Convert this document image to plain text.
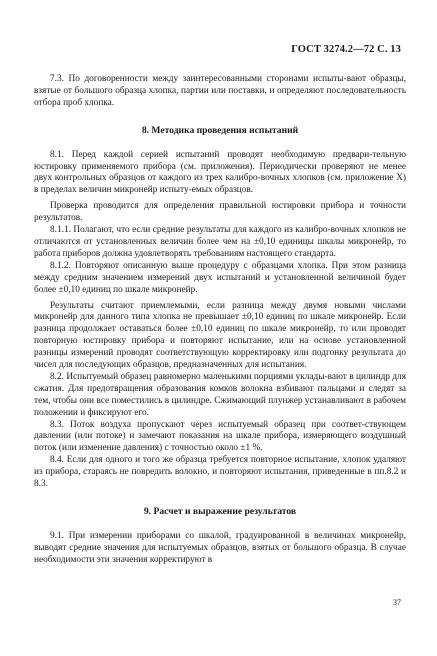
ГОСТ 3274.2—72 С. 13

7.3. По договоренности между заинтересованными сторонами испыты-вают образцы, взятые от большого образца хлопка, партии или поставки, и определяют последовательность отбора проб хлопка.

8. Методика проведения испытаний

8.1. Перед каждой серией испытаний проводят необходимую предвари-тельную юстировку применяемого прибора (см. приложения). Периодически проверяют не менее двух контрольных образцов от каждого из трех калибро-вочных хлопков (см. приложение Х) в пределах величин микронейр испыту-емых образцов.

Проверка проводится для определения правильной юстировки прибора и точности результатов.

8.1.1. Полагают, что если средние результаты для каждого из калибро-вочных хлопков не отличаются от установленных величин более чем на ±0,10 единицы шкалы микронейр, то работа приборов должна удовлетворять требованиям настоящего стандарта.

8.1.2. Повторяют описанную выше процедуру с образцами хлопка. При этом разница между средним значением измерений двух испытаний и установленной величиной будет более ±0,10 единиц по шкале микронейр.

Результаты считают приемлемыми, если разница между двумя новыми числами микронейр для данного типа хлопка не превышает ±0,10 единиц по шкале микронейр. Если разница продолжает оставаться более ±0,10 единиц по шкале микронейр, то или проводят повторную юстировку прибора и повторяют испытание, или на основе установленной разницы измерений проводят соответствующую корректировку или подгонку результата до чисел для последующих образцов, предназначенных для испытания.

8.2. Испытуемый образец равномерно маленькими порциями уклады-вают в цилиндр для сжатия. Для предотвращения образования комков волокна взбивают пальцами и следят за тем, чтобы они все поместились в цилиндре. Сжимающий плунжер устанавливают в рабочем положении и фиксируют его.

8.3. Поток воздуха пропускают через испытуемый образец при соответ-ствующем давлении (или потоке) и замечают показания на шкале прибора, измеряющего воздушный поток (или изменение давления) с точностью около ±1 %.

8.4. Если для одного и того же образца требуется повторное испытание, хлопок удаляют из прибора, стараясь не повредить волокно, и повторяют испытания, приведенные в пп.8.2 и 8.3.

9. Расчет и выражение результатов

9.1. При измерении приборами со шкалой, градуированной в величинах микронейр, выводят средние значения для испытуемых образцов, взятых от большого образца. В случае необходимости эти значения корректируют в

37
